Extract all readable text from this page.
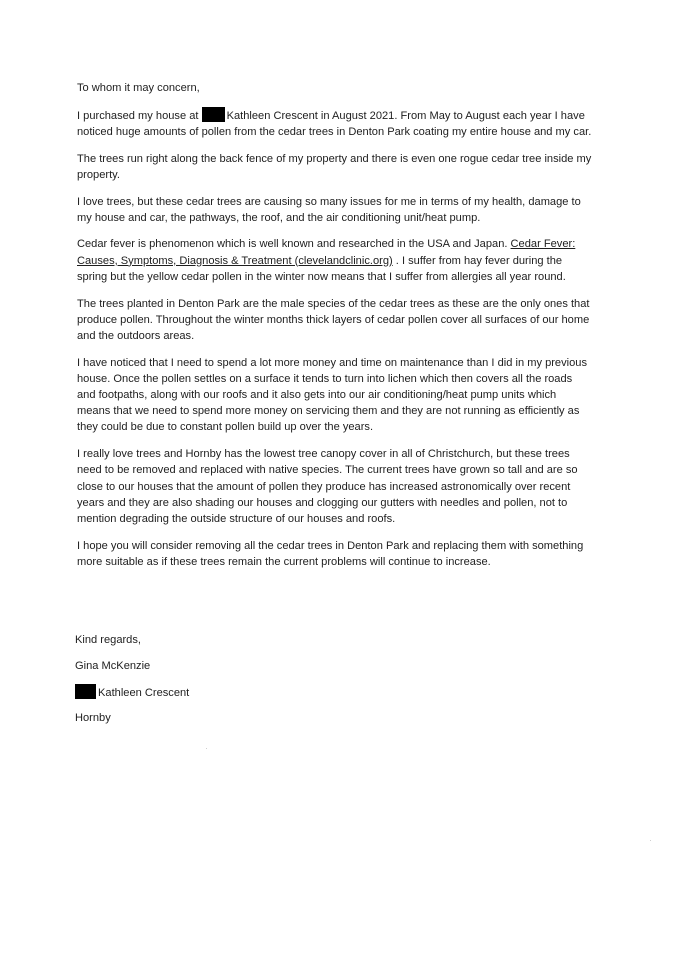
To whom it may concern,

I purchased my house at	Kathleen Crescent in August 2021. From May to August each year I have noticed huge amounts of pollen from the cedar trees in Denton Park coating my entire house and my car.

The trees run right along the back fence of my property and there is even one rogue cedar tree inside my property.

I love trees, but these cedar trees are causing so many issues for me in terms of my health, damage to my house and car, the pathways, the roof, and the air conditioning unit/heat pump.

Cedar fever is phenomenon which is well known and researched in the USA and Japan. Cedar Fever: Causes, Symptoms, Diagnosis & Treatment (clevelandclinic.org) . I suffer from hay fever during the spring but the yellow cedar pollen in the winter now means that I suffer from allergies all year round.

The trees planted in Denton Park are the male species of the cedar trees as these are the only ones that produce pollen. Throughout the winter months thick layers of cedar pollen cover all surfaces of our home and the outdoors areas.

I have noticed that I need to spend a lot more money and time on maintenance than I did in my previous house. Once the pollen settles on a surface it tends to turn into lichen which then covers all the roads and footpaths, along with our roofs and it also gets into our air conditioning/heat pump units which means that we need to spend more money on servicing them and they are not running as efficiently as they could be due to constant pollen build up over the years.

I really love trees and Hornby has the lowest tree canopy cover in all of Christchurch, but these trees need to be removed and replaced with native species. The current trees have grown so tall and are so close to our houses that the amount of pollen they produce has increased astronomically over recent years and they are also shading our houses and clogging our gutters with needles and pollen, not to mention degrading the outside structure of our houses and roofs.

I hope you will consider removing all the cedar trees in Denton Park and replacing them with something more suitable as if these trees remain the current problems will continue to increase.

Kind regards,
Gina McKenzie
Kathleen Crescent
Hornby
